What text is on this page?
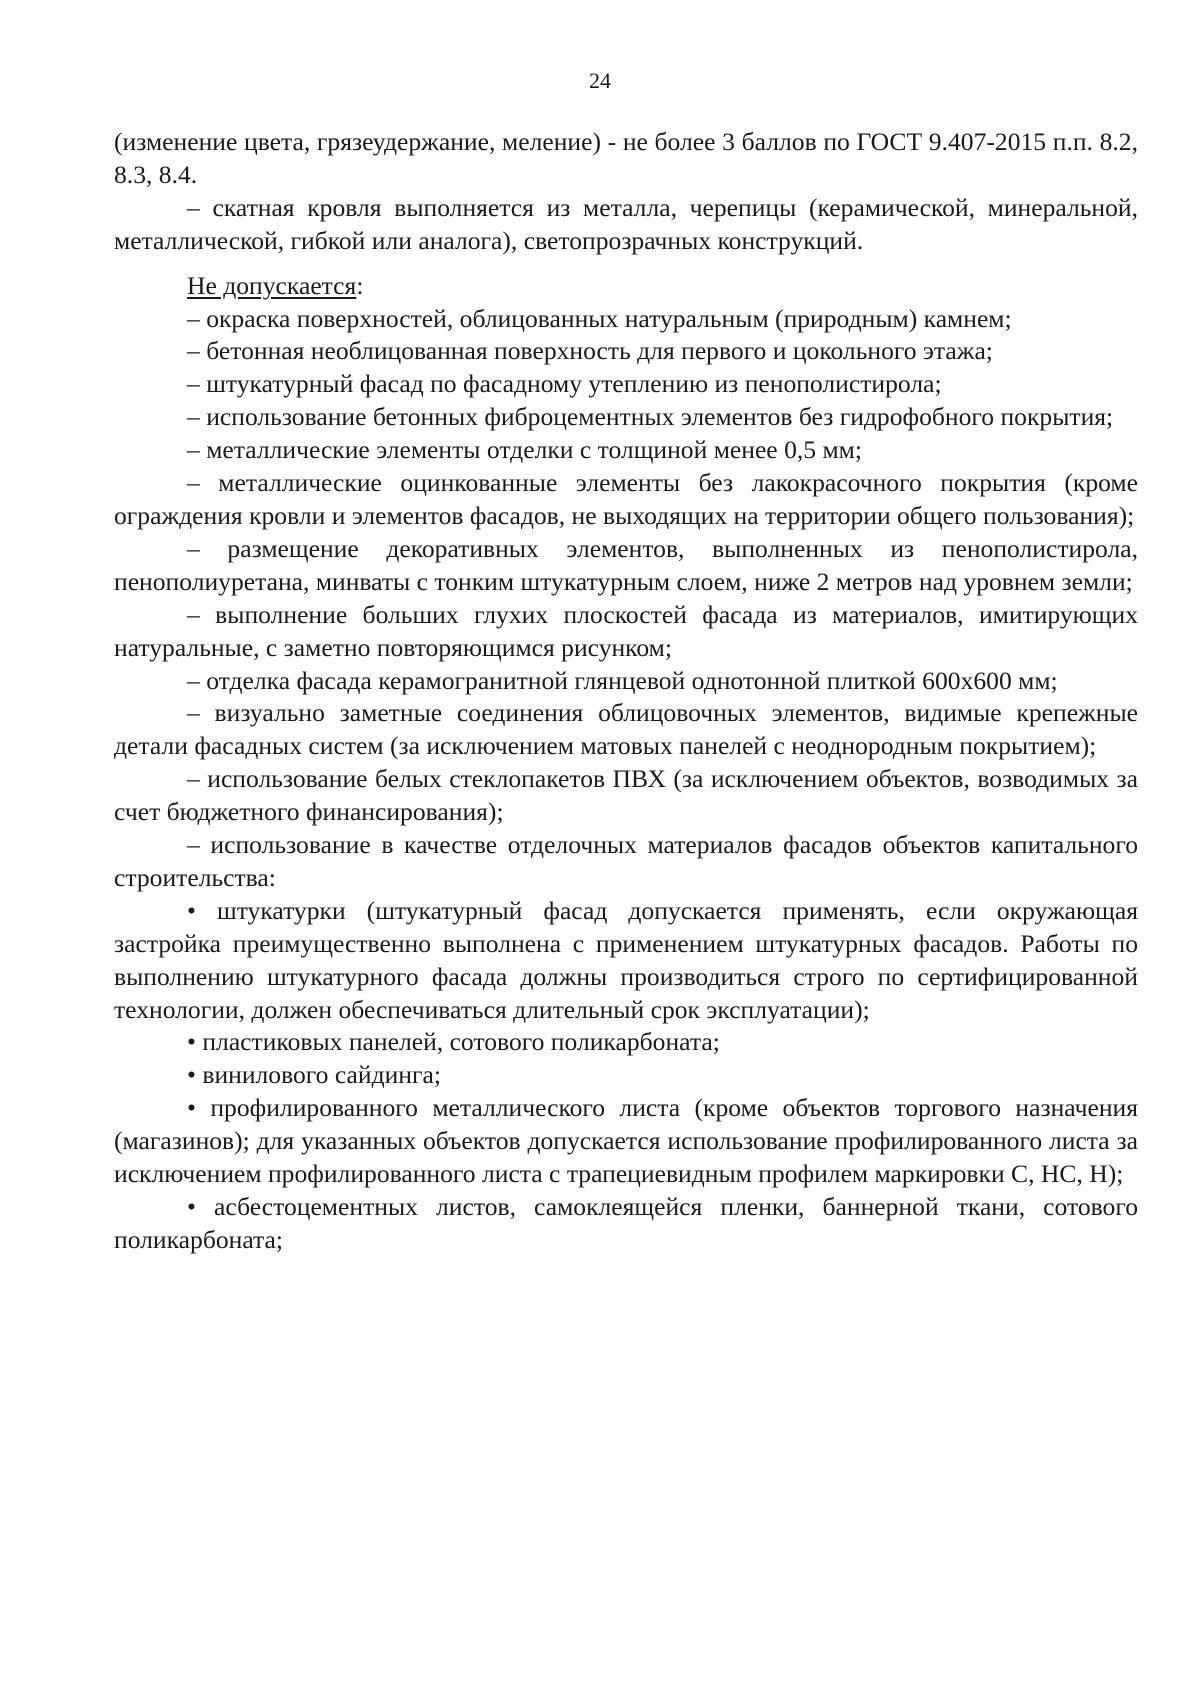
24

(изменение цвета, грязеудержание, меление) - не более 3 баллов по ГОСТ 9.407-2015 п.п. 8.2, 8.3, 8.4.

– скатная кровля выполняется из металла, черепицы (керамической, минеральной, металлической, гибкой или аналога), светопрозрачных конструкций.

Не допускается:

– окраска поверхностей, облицованных натуральным (природным) камнем;

– бетонная необлицованная поверхность для первого и цокольного этажа;

– штукатурный фасад по фасадному утеплению из пенополистирола;

– использование бетонных фиброцементных элементов без гидрофобного покрытия;

– металлические элементы отделки с толщиной менее 0,5 мм;

– металлические оцинкованные элементы без лакокрасочного покрытия (кроме ограждения кровли и элементов фасадов, не выходящих на территории общего пользования);

– размещение декоративных элементов, выполненных из пенополистирола, пенополиуретана, минваты с тонким штукатурным слоем, ниже 2 метров над уровнем земли;

– выполнение больших глухих плоскостей фасада из материалов, имитирующих натуральные, с заметно повторяющимся рисунком;

– отделка фасада керамогранитной глянцевой однотонной плиткой 600х600 мм;

– визуально заметные соединения облицовочных элементов, видимые крепежные детали фасадных систем (за исключением матовых панелей с неоднородным покрытием);

– использование белых стеклопакетов ПВХ (за исключением объектов, возводимых за счет бюджетного финансирования);

– использование в качестве отделочных материалов фасадов объектов капитального строительства:

• штукатурки (штукатурный фасад допускается применять, если окружающая застройка преимущественно выполнена с применением штукатурных фасадов. Работы по выполнению штукатурного фасада должны производиться строго по сертифицированной технологии, должен обеспечиваться длительный срок эксплуатации);

• пластиковых панелей, сотового поликарбоната;

• винилового сайдинга;

• профилированного металлического листа (кроме объектов торгового назначения (магазинов); для указанных объектов допускается использование профилированного листа за исключением профилированного листа с трапециевидным профилем маркировки С, НС, Н);

• асбестоцементных листов, самоклеящейся пленки, баннерной ткани, сотового поликарбоната;
